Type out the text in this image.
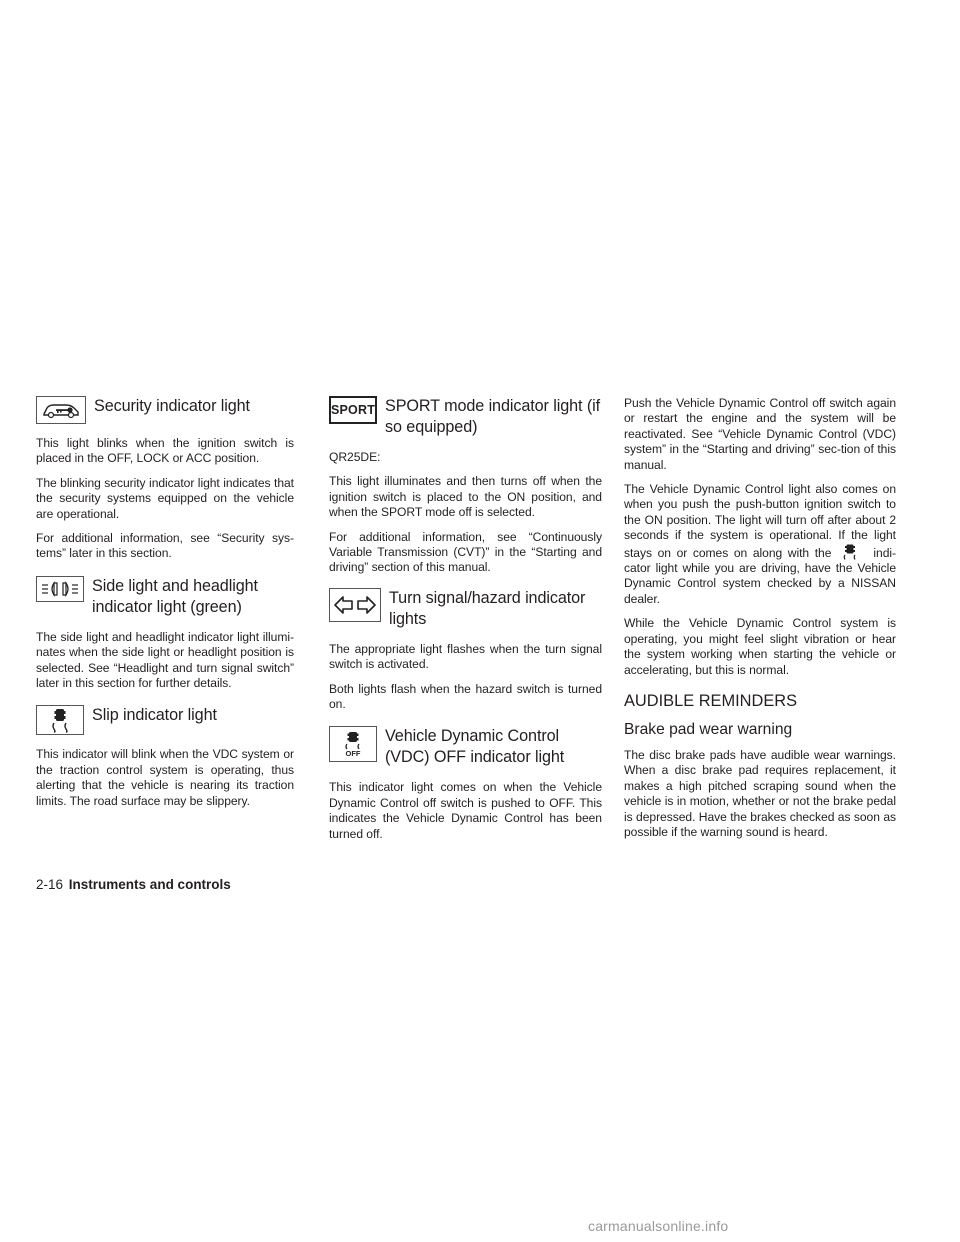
Security indicator light

This light blinks when the ignition switch is placed in the OFF, LOCK or ACC position.

The blinking security indicator light indicates that the security systems equipped on the vehicle are operational.

For additional information, see “Security sys-tems” later in this section.

Side light and headlight
indicator light (green)

The side light and headlight indicator light illumi-nates when the side light or headlight position is selected. See “Headlight and turn signal switch” later in this section for further details.

Slip indicator light

This indicator will blink when the VDC system or the traction control system is operating, thus alerting that the vehicle is nearing its traction limits. The road surface may be slippery.

SPORT SPORT mode indicator light (if
so equipped)

QR25DE:

This light illuminates and then turns off when the ignition switch is placed to the ON position, and when the SPORT mode off is selected.

For additional information, see “Continuously Variable Transmission (CVT)” in the “Starting and driving” section of this manual.

Turn signal/hazard indicator
lights

The appropriate light flashes when the turn signal switch is activated.

Both lights flash when the hazard switch is turned on.

OFF
Vehicle Dynamic Control
(VDC) OFF indicator light

This indicator light comes on when the Vehicle Dynamic Control off switch is pushed to OFF. This indicates the Vehicle Dynamic Control has been turned off.

Push the Vehicle Dynamic Control off switch again or restart the engine and the system will be reactivated. See “Vehicle Dynamic Control (VDC) system” in the “Starting and driving” sec-tion of this manual.

The Vehicle Dynamic Control light also comes on when you push the push-button ignition switch to the ON position. The light will turn off after about 2 seconds if the system is operational. If the light stays on or comes on along with the	indi-cator light while you are driving, have the Vehicle Dynamic Control system checked by a NISSAN dealer.

While the Vehicle Dynamic Control system is operating, you might feel slight vibration or hear the system working when starting the vehicle or accelerating, but this is normal.

AUDIBLE REMINDERS
Brake pad wear warning

The disc brake pads have audible wear warnings. When a disc brake pad requires replacement, it makes a high pitched scraping sound when the vehicle is in motion, whether or not the brake pedal is depressed. Have the brakes checked as soon as possible if the warning sound is heard.

2-16 Instruments and controls
carmanualsonline.info
